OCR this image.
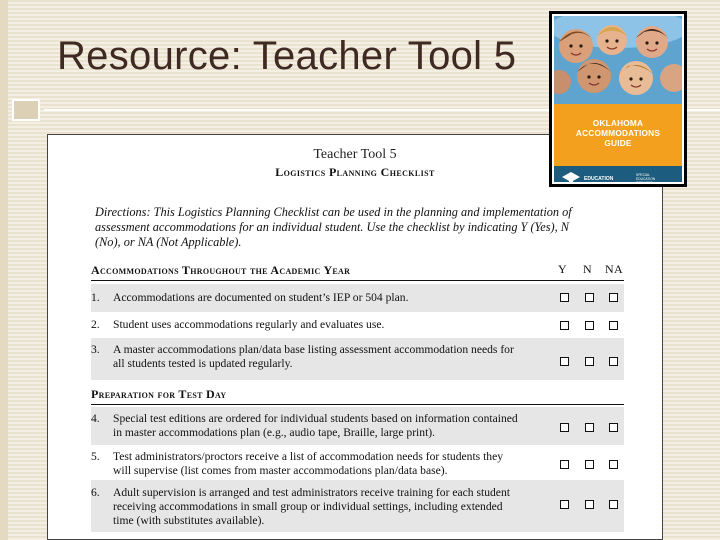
Resource: Teacher Tool 5
Teacher Tool 5
Logistics Planning Checklist
Directions: This Logistics Planning Checklist can be used in the planning and implementation of
assessment accommodations for an individual student. Use the checklist by indicating Y (Yes), N
(No), or NA (Not Applicable).
Accommodations Throughout the Academic Year	Y N NA
1.	Accommodations are documented on student’s IEP or 504 plan.
2.	Student uses accommodations regularly and evaluates use.
3.	A master accommodations plan/data base listing assessment accommodation needs for
all students tested is updated regularly.
Preparation for Test Day
4.	Special test editions are ordered for individual students based on information contained
in master accommodations plan (e.g., audio tape, Braille, large print).
5.	Test administrators/proctors receive a list of accommodation needs for students they
will supervise (list comes from master accommodations plan/data base).
6.	Adult supervision is arranged and test administrators receive training for each student
receiving accommodations in small group or individual settings, including extended
time (with substitutes available).
OKLAHOMA
ACCOMMODATIONS
GUIDE
EDUCATION
SPECIAL
EDUCATION
SERVICES
